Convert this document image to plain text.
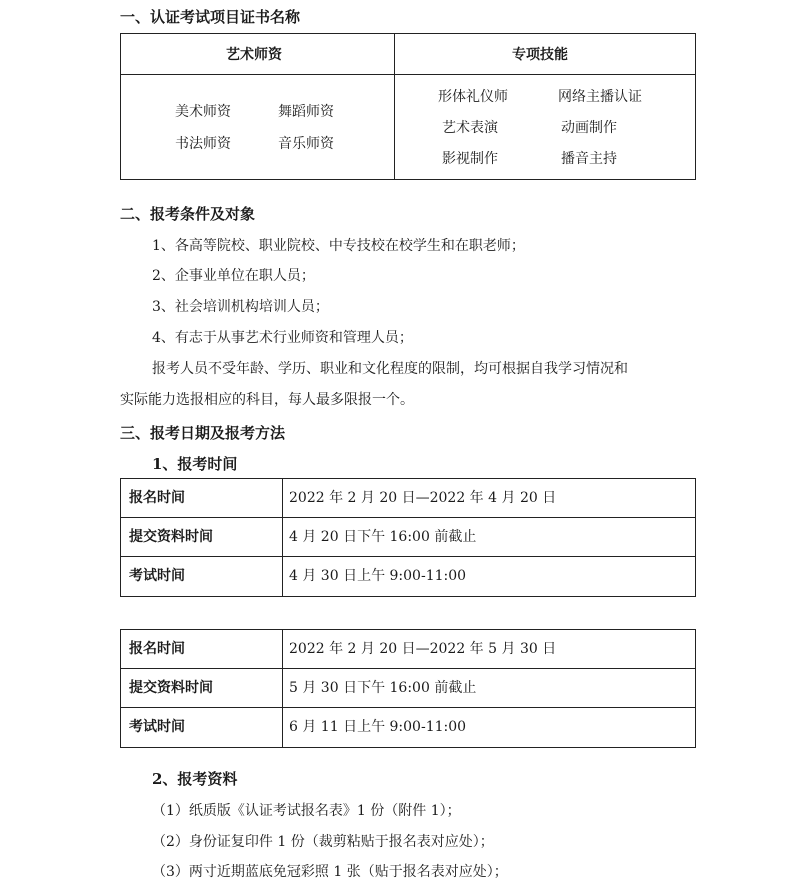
一、认证考试项目证书名称
艺术师资	专项技能
美术师资	舞蹈师资
书法师资	音乐师资
形体礼仪师	网络主播认证
艺术表演	动画制作
影视制作	播音主持
二、报考条件及对象
1、各高等院校、职业院校、中专技校在校学生和在职老师；
2、企事业单位在职人员；
3、社会培训机构培训人员；
4、有志于从事艺术行业师资和管理人员；
报考人员不受年龄、学历、职业和文化程度的限制，均可根据自我学习情况和
实际能力选报相应的科目，每人最多限报一个。
三、报考日期及报考方法
1、报考时间
报名时间	2022 年 2 月 20 日—2022 年 4 月 20 日
提交资料时间	4 月 20 日下午 16:00 前截止
考试时间	4 月 30 日上午 9:00-11:00
报名时间	2022 年 2 月 20 日—2022 年 5 月 30 日
提交资料时间	5 月 30 日下午 16:00 前截止
考试时间	6 月 11 日上午 9:00-11:00
2、报考资料
（1）纸质版《认证考试报名表》1 份（附件 1）；
（2）身份证复印件 1 份（裁剪粘贴于报名表对应处）；
（3）两寸近期蓝底免冠彩照 1 张（贴于报名表对应处）；
